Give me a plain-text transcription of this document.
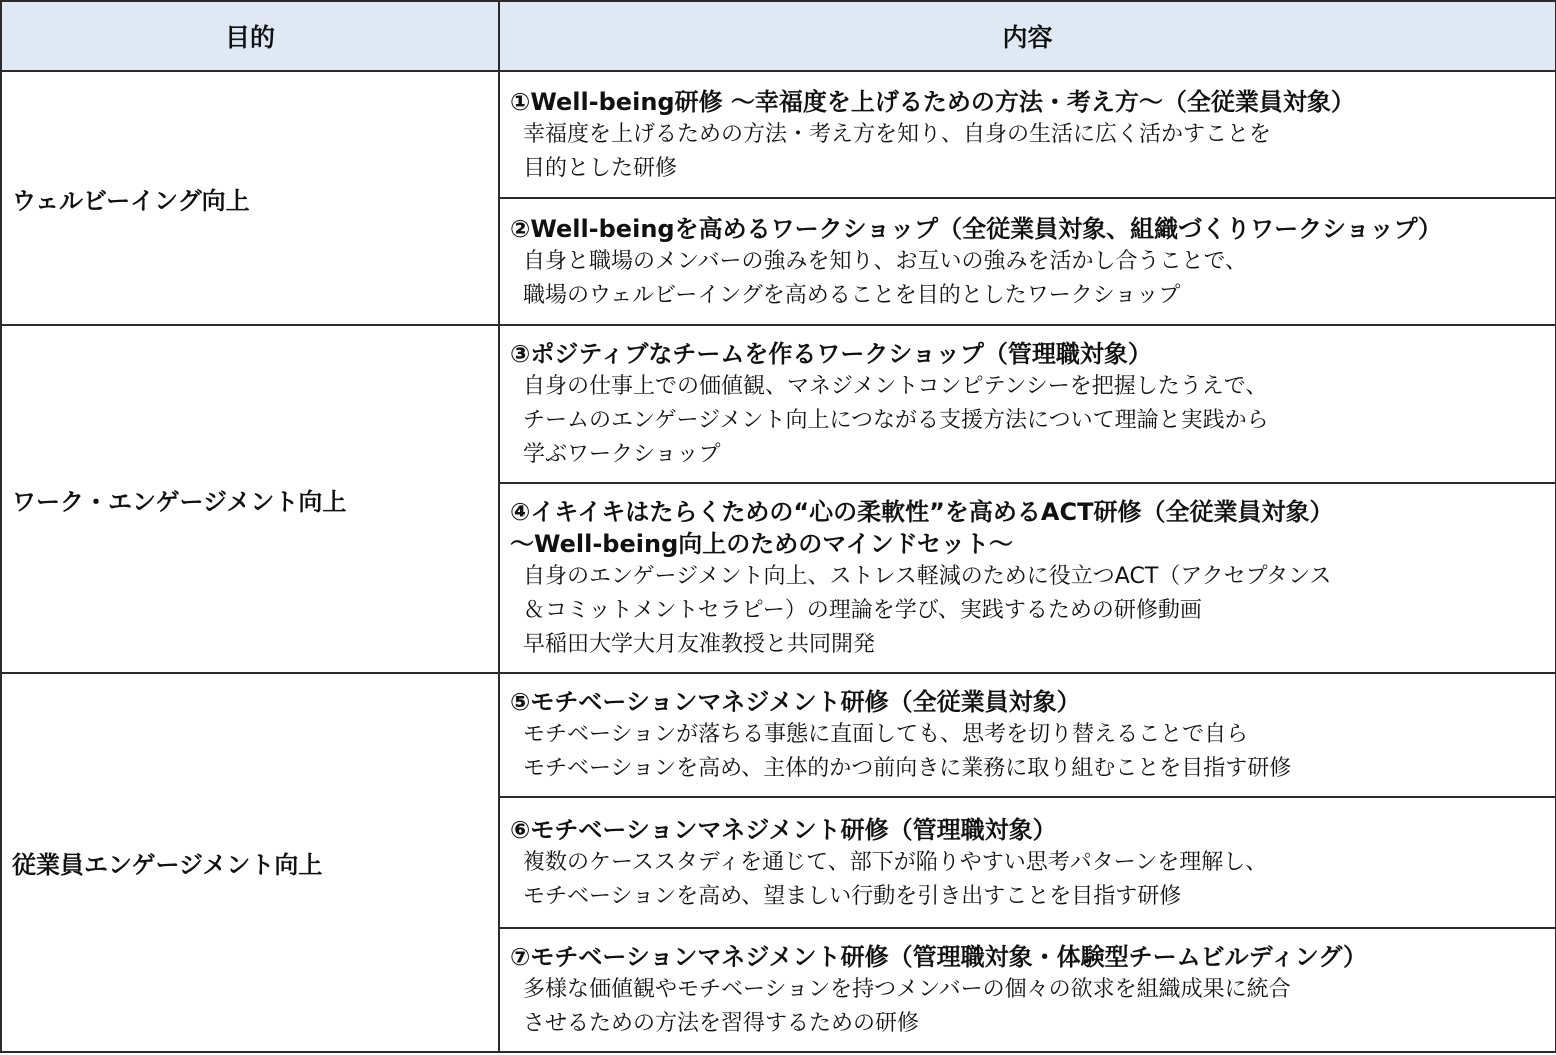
目的	内容
ウェルビーイング向上	①Well-being研修 ～幸福度を上げるための方法・考え方～（全従業員対象）
幸福度を上げるための方法・考え方を知り、自身の生活に広く活かすことを
目的とした研修

	②Well-beingを高めるワークショップ（全従業員対象、組織づくりワークショップ）
自身と職場のメンバーの強みを知り、お互いの強みを活かし合うことで、
職場のウェルビーイングを高めることを目的としたワークショップ

ワーク・エンゲージメント向上	③ポジティブなチームを作るワークショップ（管理職対象）
自身の仕事上での価値観、マネジメントコンピテンシーを把握したうえで、
チームのエンゲージメント向上につながる支援方法について理論と実践から
学ぶワークショップ

	④イキイキはたらくための“心の柔軟性”を高めるACT研修（全従業員対象）
～Well-being向上のためのマインドセット～
自身のエンゲージメント向上、ストレス軽減のために役立つACT（アクセプタンス
＆コミットメントセラピー）の理論を学び、実践するための研修動画
早稲田大学大月友准教授と共同開発

従業員エンゲージメント向上	⑤モチベーションマネジメント研修（全従業員対象）
モチベーションが落ちる事態に直面しても、思考を切り替えることで自ら
モチベーションを高め、主体的かつ前向きに業務に取り組むことを目指す研修

	⑥モチベーションマネジメント研修（管理職対象）
複数のケーススタディを通じて、部下が陥りやすい思考パターンを理解し、
モチベーションを高め、望ましい行動を引き出すことを目指す研修

	⑦モチベーションマネジメント研修（管理職対象・体験型チームビルディング）
多様な価値観やモチベーションを持つメンバーの個々の欲求を組織成果に統合
させるための方法を習得するための研修
